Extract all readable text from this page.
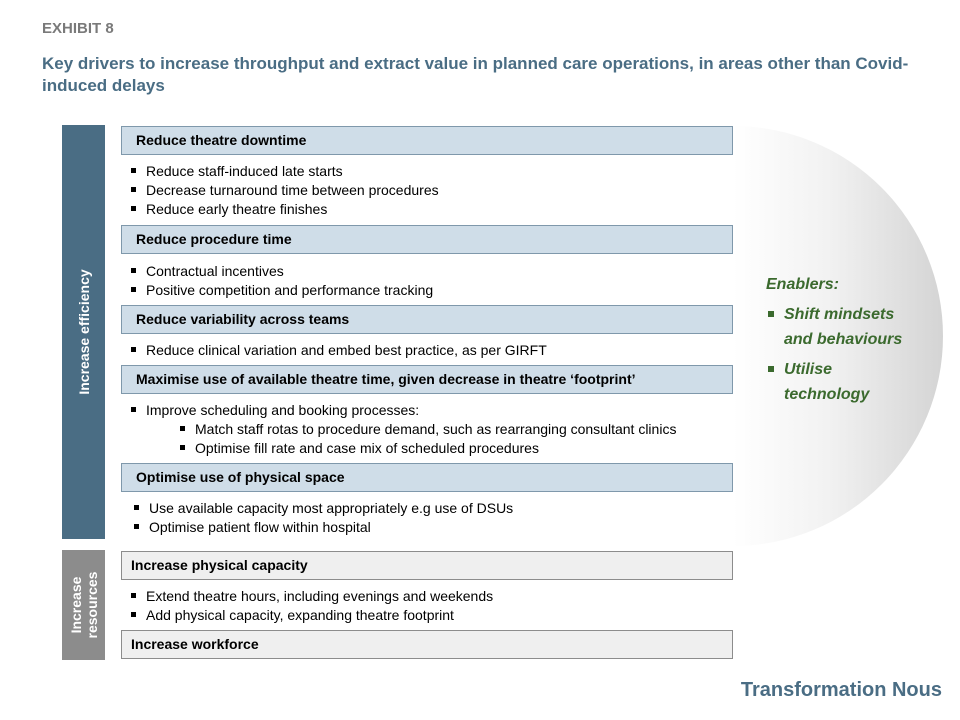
EXHIBIT 8
Key drivers to increase throughput and extract value in planned care operations, in areas other than Covid-induced delays
Increase efficiency
Increase resources
Reduce theatre downtime
Reduce staff-induced late starts
Decrease turnaround time between procedures
Reduce early theatre finishes
Reduce procedure time
Contractual incentives
Positive competition and performance tracking
Reduce variability across teams
Reduce clinical variation and embed best practice, as per GIRFT
Maximise use of available theatre time, given decrease in theatre ‘footprint’
Improve scheduling and booking processes:
Match staff rotas to procedure demand, such as rearranging consultant clinics
Optimise fill rate and case mix of scheduled procedures
Optimise use of physical space
Use available capacity most appropriately e.g use of DSUs
Optimise patient flow within hospital
Increase physical capacity
Extend theatre hours, including evenings and weekends
Add physical capacity, expanding theatre footprint
Increase workforce
Enablers:
Shift mindsets
and behaviours
Utilise
technology
Transformation Nous
